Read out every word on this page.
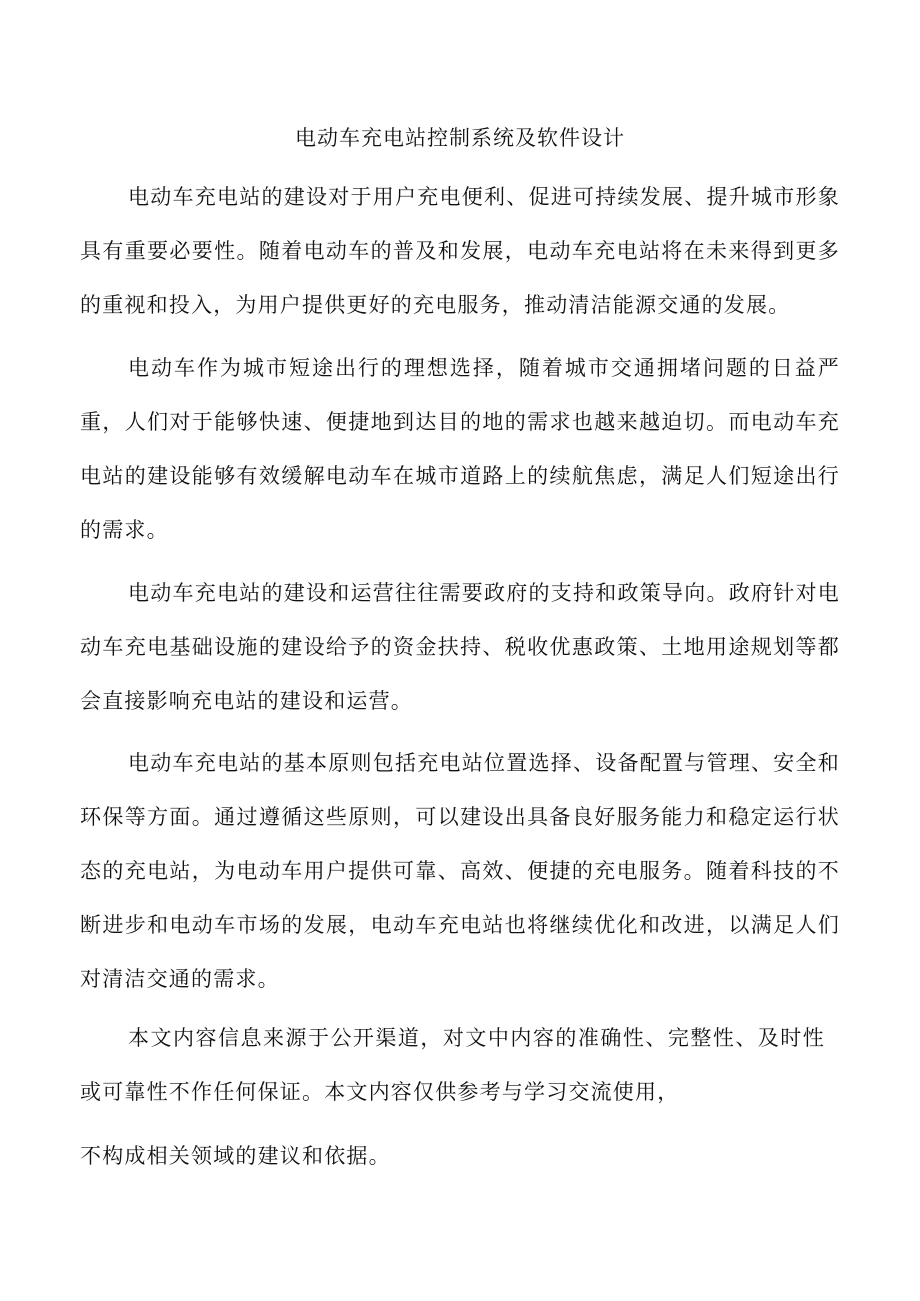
电动车充电站控制系统及软件设计

电动车充电站的建设对于用户充电便利、促进可持续发展、提升城市形象具有重要必要性。随着电动车的普及和发展，电动车充电站将在未来得到更多的重视和投入，为用户提供更好的充电服务，推动清洁能源交通的发展。

电动车作为城市短途出行的理想选择，随着城市交通拥堵问题的日益严重，人们对于能够快速、便捷地到达目的地的需求也越来越迫切。而电动车充电站的建设能够有效缓解电动车在城市道路上的续航焦虑，满足人们短途出行的需求。

电动车充电站的建设和运营往往需要政府的支持和政策导向。政府针对电动车充电基础设施的建设给予的资金扶持、税收优惠政策、土地用途规划等都会直接影响充电站的建设和运营。

电动车充电站的基本原则包括充电站位置选择、设备配置与管理、安全和环保等方面。通过遵循这些原则，可以建设出具备良好服务能力和稳定运行状态的充电站，为电动车用户提供可靠、高效、便捷的充电服务。随着科技的不断进步和电动车市场的发展，电动车充电站也将继续优化和改进，以满足人们对清洁交通的需求。

本文内容信息来源于公开渠道，对文中内容的准确性、完整性、及时性或可靠性不作任何保证。本文内容仅供参考与学习交流使用，

不构成相关领域的建议和依据。
